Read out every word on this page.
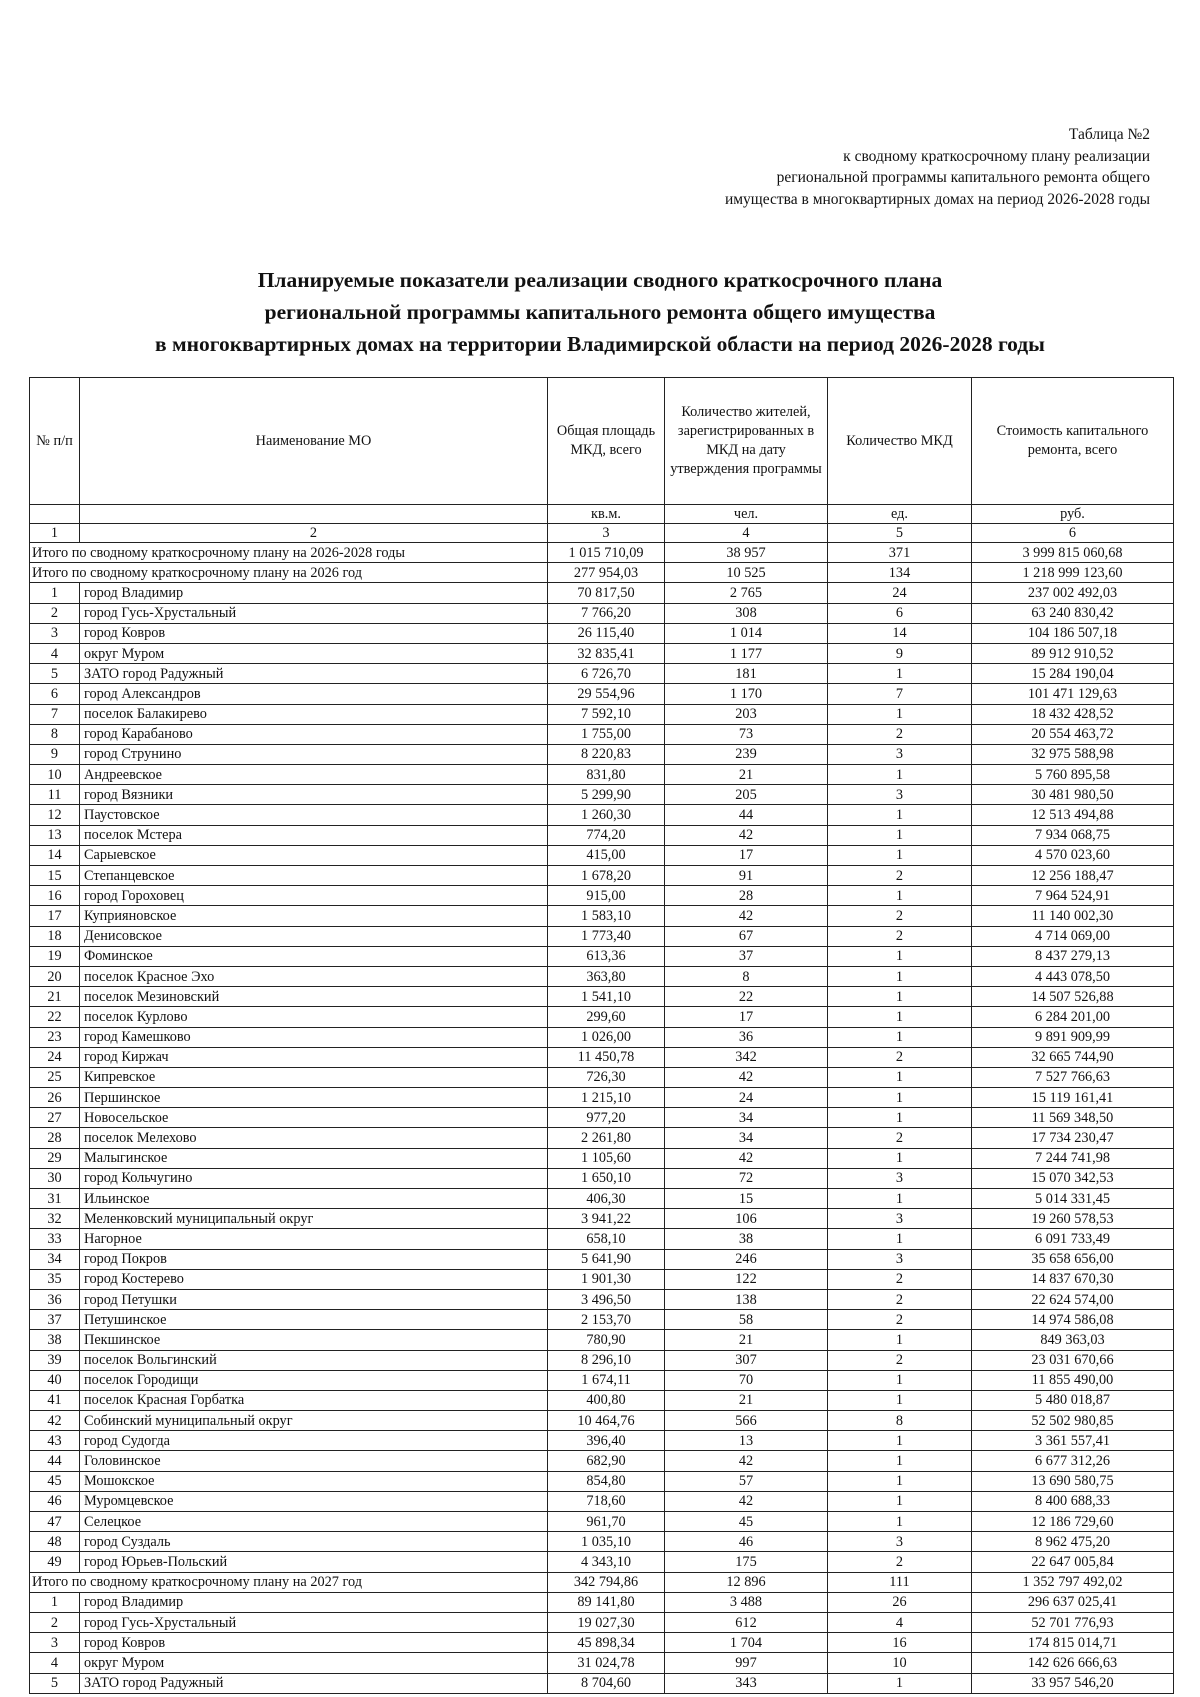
Таблица №2
к сводному краткосрочному плану реализации
региональной программы капитального ремонта общего
имущества в многоквартирных домах на период 2026-2028 годы
Планируемые показатели реализации сводного краткосрочного плана
региональной программы капитального ремонта общего имущества
в многоквартирных домах на территории Владимирской области на период 2026-2028 годы
№ п/п	Наименование МО	Общая площадь МКД, всего	Количество жителей, зарегистрированных в МКД на дату утверждения программы	Количество МКД	Стоимость капитального ремонта, всего
		кв.м.	чел.	ед.	руб.
1	2	3	4	5	6
Итого по сводному краткосрочному плану на 2026-2028 годы		1 015 710,09	38 957	371	3 999 815 060,68
Итого по сводному краткосрочному плану на 2026 год		277 954,03	10 525	134	1 218 999 123,60
1	город Владимир	70 817,50	2 765	24	237 002 492,03
2	город Гусь-Хрустальный	7 766,20	308	6	63 240 830,42
3	город Ковров	26 115,40	1 014	14	104 186 507,18
4	округ Муром	32 835,41	1 177	9	89 912 910,52
5	ЗАТО город Радужный	6 726,70	181	1	15 284 190,04
6	город Александров	29 554,96	1 170	7	101 471 129,63
7	поселок Балакирево	7 592,10	203	1	18 432 428,52
8	город Карабаново	1 755,00	73	2	20 554 463,72
9	город Струнино	8 220,83	239	3	32 975 588,98
10	Андреевское	831,80	21	1	5 760 895,58
11	город Вязники	5 299,90	205	3	30 481 980,50
12	Паустовское	1 260,30	44	1	12 513 494,88
13	поселок Мстера	774,20	42	1	7 934 068,75
14	Сарыевское	415,00	17	1	4 570 023,60
15	Степанцевское	1 678,20	91	2	12 256 188,47
16	город Гороховец	915,00	28	1	7 964 524,91
17	Куприяновское	1 583,10	42	2	11 140 002,30
18	Денисовское	1 773,40	67	2	4 714 069,00
19	Фоминское	613,36	37	1	8 437 279,13
20	поселок Красное Эхо	363,80	8	1	4 443 078,50
21	поселок Мезиновский	1 541,10	22	1	14 507 526,88
22	поселок Курлово	299,60	17	1	6 284 201,00
23	город Камешково	1 026,00	36	1	9 891 909,99
24	город Киржач	11 450,78	342	2	32 665 744,90
25	Кипревское	726,30	42	1	7 527 766,63
26	Першинское	1 215,10	24	1	15 119 161,41
27	Новосельское	977,20	34	1	11 569 348,50
28	поселок Мелехово	2 261,80	34	2	17 734 230,47
29	Малыгинское	1 105,60	42	1	7 244 741,98
30	город Кольчугино	1 650,10	72	3	15 070 342,53
31	Ильинское	406,30	15	1	5 014 331,45
32	Меленковский муниципальный округ	3 941,22	106	3	19 260 578,53
33	Нагорное	658,10	38	1	6 091 733,49
34	город Покров	5 641,90	246	3	35 658 656,00
35	город Костерево	1 901,30	122	2	14 837 670,30
36	город Петушки	3 496,50	138	2	22 624 574,00
37	Петушинское	2 153,70	58	2	14 974 586,08
38	Пекшинское	780,90	21	1	849 363,03
39	поселок Вольгинский	8 296,10	307	2	23 031 670,66
40	поселок Городищи	1 674,11	70	1	11 855 490,00
41	поселок Красная Горбатка	400,80	21	1	5 480 018,87
42	Собинский муниципальный округ	10 464,76	566	8	52 502 980,85
43	город Судогда	396,40	13	1	3 361 557,41
44	Головинское	682,90	42	1	6 677 312,26
45	Мошокское	854,80	57	1	13 690 580,75
46	Муромцевское	718,60	42	1	8 400 688,33
47	Селецкое	961,70	45	1	12 186 729,60
48	город Суздаль	1 035,10	46	3	8 962 475,20
49	город Юрьев-Польский	4 343,10	175	2	22 647 005,84
Итого по сводному краткосрочному плану на 2027 год		342 794,86	12 896	111	1 352 797 492,02
1	город Владимир	89 141,80	3 488	26	296 637 025,41
2	город Гусь-Хрустальный	19 027,30	612	4	52 701 776,93
3	город Ковров	45 898,34	1 704	16	174 815 014,71
4	округ Муром	31 024,78	997	10	142 626 666,63
5	ЗАТО город Радужный	8 704,60	343	1	33 957 546,20
